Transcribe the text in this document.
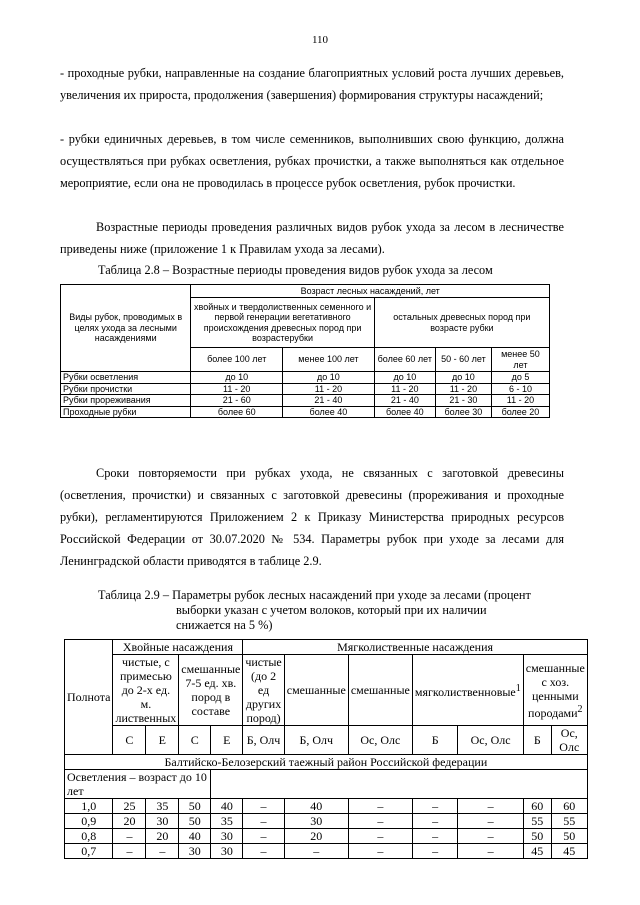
110

- проходные рубки, направленные на создание благоприятных условий роста лучших деревьев, увеличения их прироста, продолжения (завершения) формирования структуры насаждений;

- рубки единичных деревьев, в том числе семенников, выполнивших свою функцию, должна осуществляться при рубках осветления, рубках прочистки, а также выполняться как отдельное мероприятие, если она не проводилась в процессе рубок осветления, рубок прочистки.

Возрастные периоды проведения различных видов рубок ухода за лесом в лесничестве приведены ниже (приложение 1 к Правилам ухода за лесами).

Таблица 2.8 – Возрастные периоды проведения видов рубок ухода за лесом

Виды рубок, проводимых в целях ухода за лесными насаждениями	Возраст лесных насаждений, лет				
	хвойных и твердолиственных семенного и первой генерации вегетативного происхождения древесных пород при возрастерубки		остальных древесных пород при возрасте рубки		
	более 100 лет	менее 100 лет	более 60 лет	50 - 60 лет	менее 50 лет
Рубки осветления	до 10	до 10	до 10	до 10	до 5
Рубки прочистки	11 - 20	11 - 20	11 - 20	11 - 20	6 - 10
Рубки прореживания	21 - 60	21 - 40	21 - 40	21 - 30	11 - 20
Проходные рубки	более 60	более 40	более 40	более 30	более 20

Сроки повторяемости при рубках ухода, не связанных с заготовкой древесины (осветления, прочистки) и связанных с заготовкой древесины (прореживания и проходные рубки), регламентируются Приложением 2 к Приказу Министерства природных ресурсов Российской Федерации от 30.07.2020 № 534. Параметры рубок при уходе за лесами для Ленинградской области приводятся в таблице 2.9.

Таблица 2.9 – Параметры рубок лесных насаждений при уходе за лесами (процент

выборки указан с учетом волоков, который при их наличии

снижается на 5 %)

Полнота	Хвойные насаждения				Мягколиственные насаждения						
	чистые, с примесью до 2-х ед. м. лиственных		смешанные 7-5 ед. хв. пород в составе		чистые (до 2 ед других пород)	смешанные	смешанные	мягколиственновые$^1$		смешанные с хоз. ценными породами$^2$
	С	Е	С	Е	Б, Олч	Б, Олч	Ос, Олс	Б	Ос, Олс	Б	Ос, Олс
Балтийско-Белозерский таежный район Российской федерации											
Осветления – возраст до 10 лет											
1,0	25	35	50	40	–	40	–	–	–	60	60
0,9	20	30	50	35	–	30	–	–	–	55	55
0,8	–	20	40	30	–	20	–	–	–	50	50
0,7	–	–	30	30	–	–	–	–	–	45	45
